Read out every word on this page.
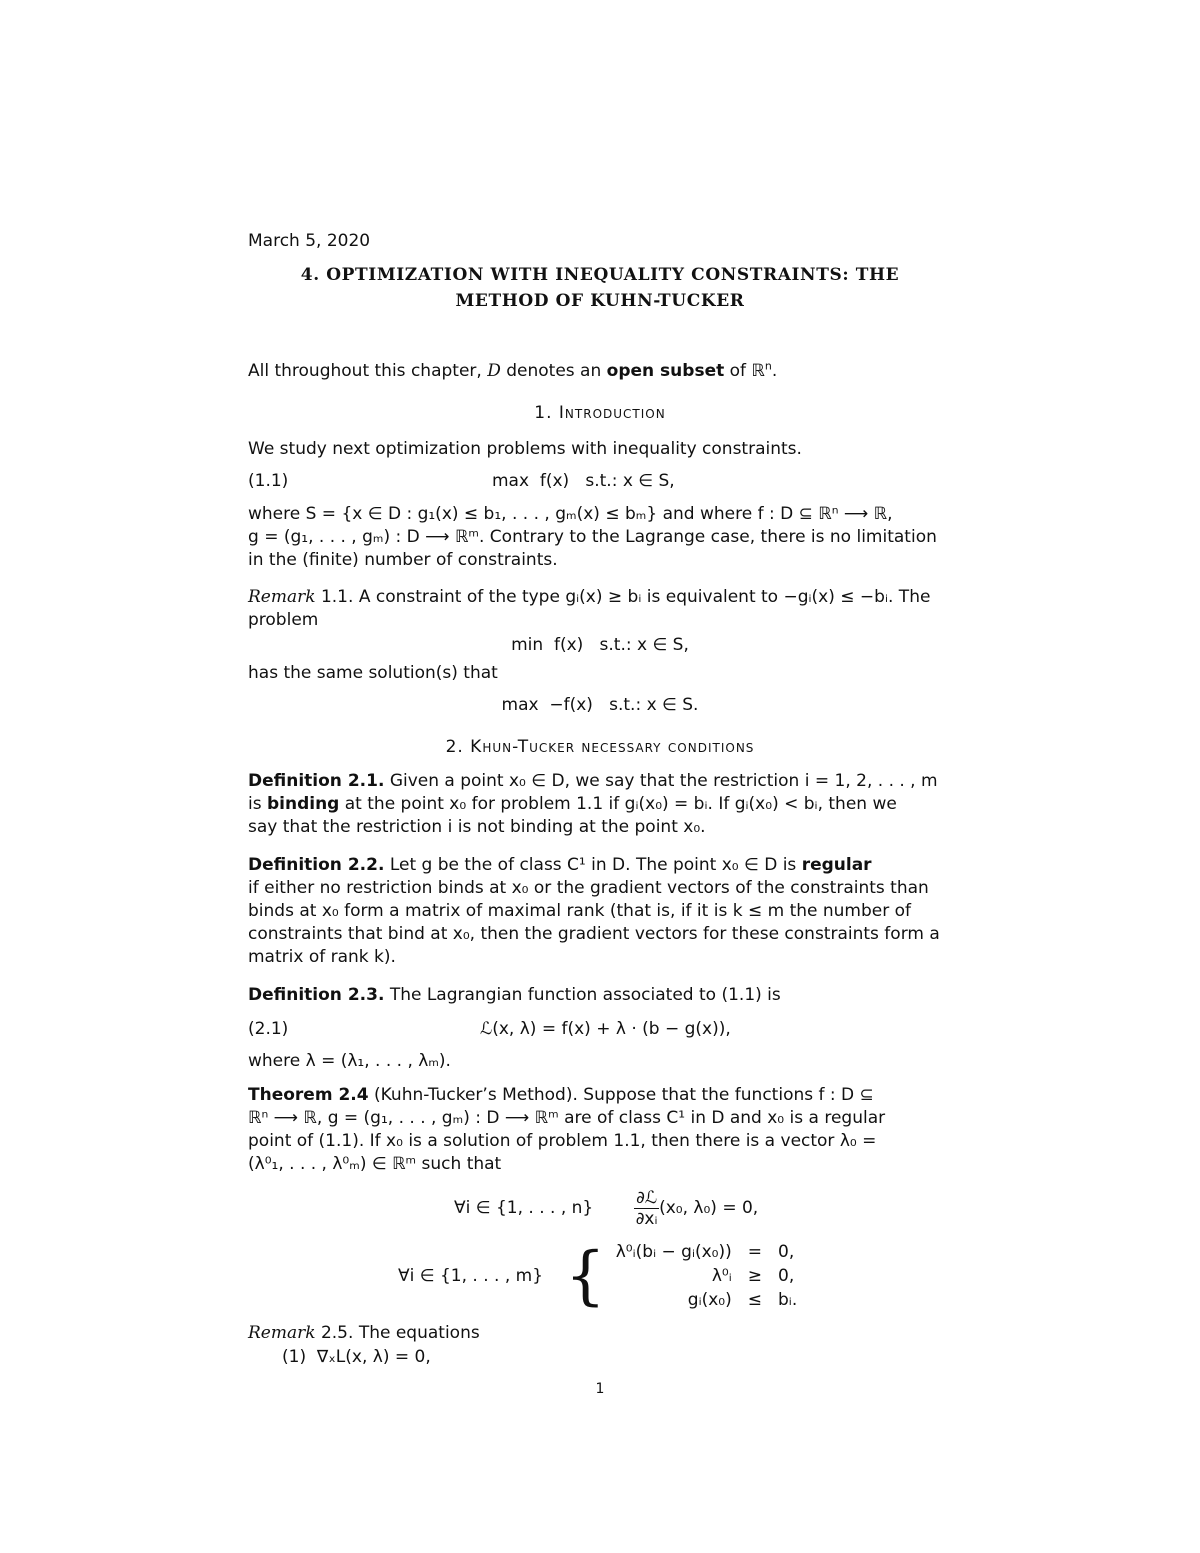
March 5, 2020
4. OPTIMIZATION WITH INEQUALITY CONSTRAINTS: THE
METHOD OF KUHN-TUCKER
All throughout this chapter, D denotes an open subset of ℝ$^n$.
1. Introduction
We study next optimization problems with inequality constraints.
(1.1)	max  f(x)   s.t.: x ∈ S,
where S = {x ∈ D : g₁(x) ≤ b₁, . . . , gₘ(x) ≤ bₘ} and where f : D ⊆ ℝⁿ ⟶ ℝ,
g = (g₁, . . . , gₘ) : D ⟶ ℝᵐ. Contrary to the Lagrange case, there is no limitation
in the (finite) number of constraints.
Remark 1.1. A constraint of the type gᵢ(x) ≥ bᵢ is equivalent to −gᵢ(x) ≤ −bᵢ. The
problem
min  f(x)   s.t.: x ∈ S,
has the same solution(s) that
max  −f(x)   s.t.: x ∈ S.
2. Khun-Tucker necessary conditions
Definition 2.1. Given a point x₀ ∈ D, we say that the restriction i = 1, 2, . . . , m
is binding at the point x₀ for problem 1.1 if gᵢ(x₀) = bᵢ. If gᵢ(x₀) < bᵢ, then we
say that the restriction i is not binding at the point x₀.
Definition 2.2. Let g be the of class C¹ in D. The point x₀ ∈ D is regular
if either no restriction binds at x₀ or the gradient vectors of the constraints than
binds at x₀ form a matrix of maximal rank (that is, if it is k ≤ m the number of
constraints that bind at x₀, then the gradient vectors for these constraints form a
matrix of rank k).
Definition 2.3. The Lagrangian function associated to (1.1) is
(2.1)	ℒ(x, λ) = f(x) + λ · (b − g(x)),
where λ = (λ₁, . . . , λₘ).
Theorem 2.4 (Kuhn-Tucker’s Method). Suppose that the functions f : D ⊆
ℝⁿ ⟶ ℝ, g = (g₁, . . . , gₘ) : D ⟶ ℝᵐ are of class C¹ in D and x₀ is a regular
point of (1.1). If x₀ is a solution of problem 1.1, then there is a vector λ₀ =
(λ⁰₁, . . . , λ⁰ₘ) ∈ ℝᵐ such that
∀i ∈ {1, . . . , $n\} \frac{\text{∂ℒ}}{\text{∂xᵢ}} (x_0$, λ₀) = 0,
∀i ∈ {1, . . . , m} { λ⁰ᵢ(bᵢ − gᵢ(x₀))	=	0,
λ⁰ᵢ	≥	0,
gᵢ(x₀)	≤	bᵢ.
Remark 2.5. The equations
(1)  ∇ₓL(x, λ) = 0,
1
